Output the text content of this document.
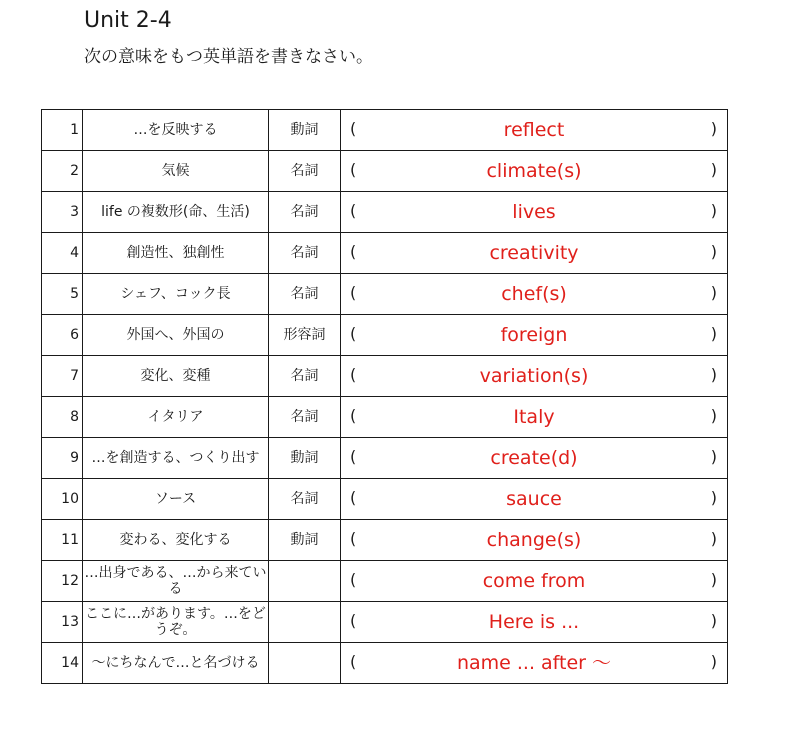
Unit 2-4
次の意味をもつ英単語を書きなさい。
1	…を反映する	動詞	( reflect )

2	気候	名詞	( climate(s) )

3	life の複数形(命、生活)	名詞	( lives )

4	創造性、独創性	名詞	( creativity )

5	シェフ、コック長	名詞	( chef(s) )

6	外国へ、外国の	形容詞	( foreign )

7	変化、変種	名詞	( variation(s) )

8	イタリア	名詞	( Italy )

9	…を創造する、つくり出す	動詞	( create(d) )

10	ソース	名詞	( sauce )

11	変わる、変化する	動詞	( change(s) )

12	…出身である、…から来ている		( come from )

13	ここに…があります。…をどうぞ。		( Here is ... )

14	〜にちなんで…と名づける		( name ... after 〜 )
